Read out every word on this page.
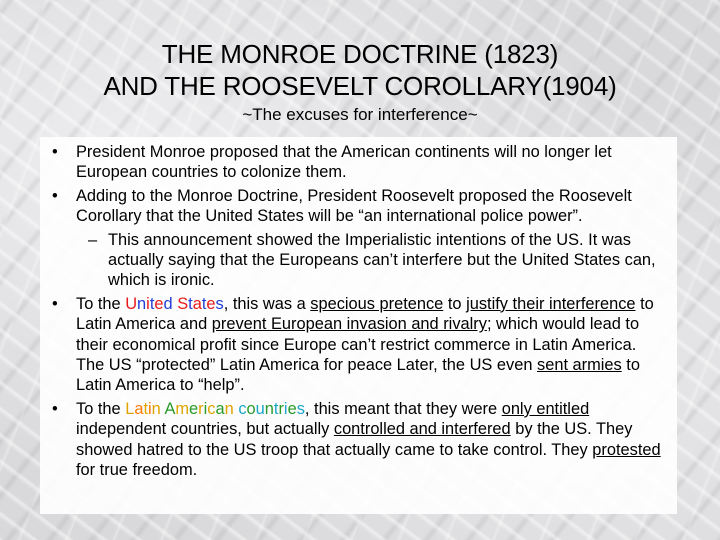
THE MONROE DOCTRINE (1823)
AND THE ROOSEVELT COROLLARY(1904)
~The excuses for interference~
• President Monroe proposed that the American continents will no longer let European countries to colonize them.
• Adding to the Monroe Doctrine, President Roosevelt proposed the Roosevelt Corollary that the United States will be “an international police power”.
– This announcement showed the Imperialistic intentions of the US. It was actually saying that the Europeans can’t interfere but the United States can, which is ironic.
• To the United States, this was a specious pretence to justify their interference to Latin America and prevent European invasion and rivalry; which would lead to their economical profit since Europe can’t restrict commerce in Latin America. The US “protected” Latin America for peace Later, the US even sent armies to Latin America to “help”.
• To the Latin American countries, this meant that they were only entitled independent countries, but actually controlled and interfered by the US. They showed hatred to the US troop that actually came to take control. They protested for true freedom.
